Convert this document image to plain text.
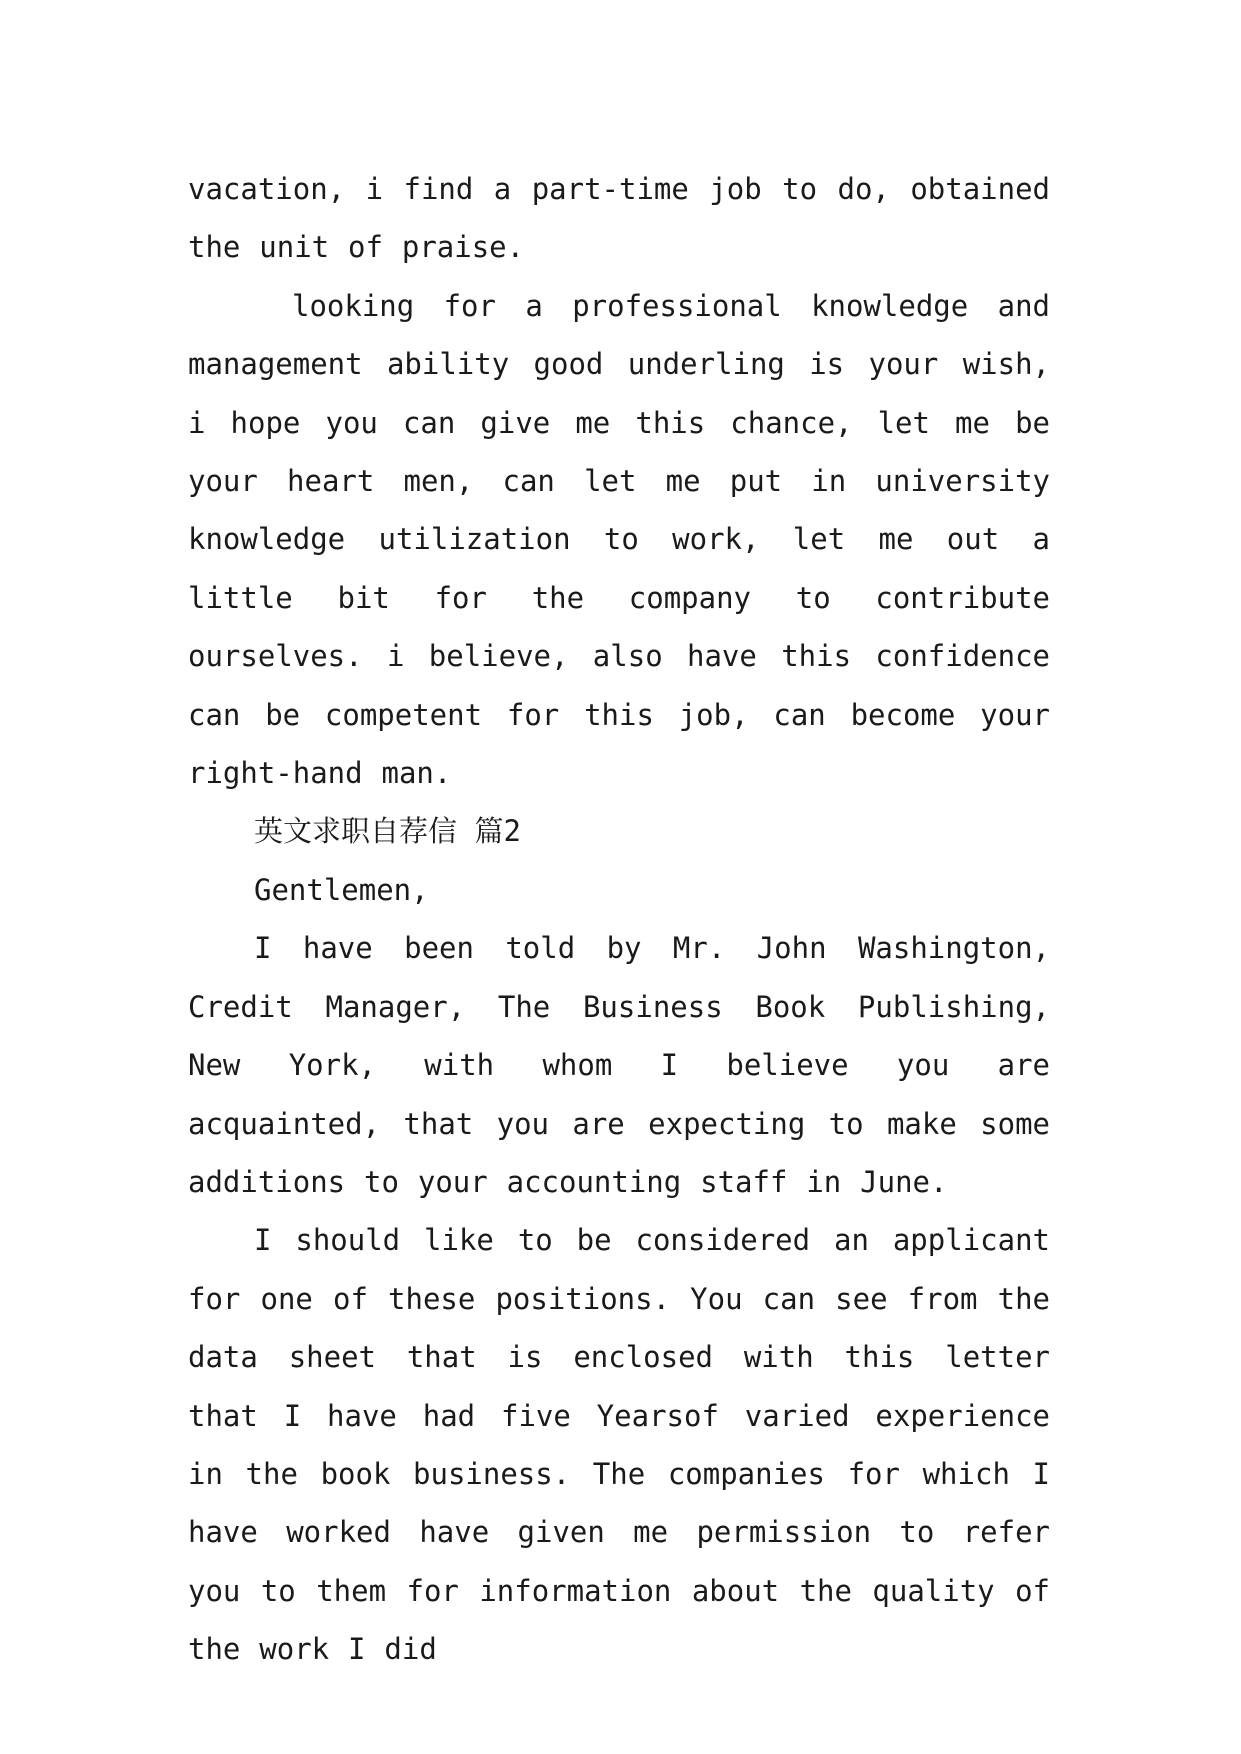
vacation, i find a part-time job to do, obtained the unit of praise.

looking for a professional knowledge and management ability good underling is your wish, i hope you can give me this chance, let me be your heart men, can let me put in university knowledge utilization to work, let me out a little bit for the company to contribute ourselves. i believe, also have this confidence can be competent for this job, can become your right-hand man.

英文求职自荐信 篇2

Gentlemen,

I have been told by Mr. John Washington, Credit Manager, The Business Book Publishing, New York, with whom I believe you are acquainted, that you are expecting to make some additions to your accounting staff in June.

I should like to be considered an applicant for one of these positions. You can see from the data sheet that is enclosed with this letter that I have had five Yearsof varied experience in the book business. The companies for which I have worked have given me permission to refer you to them for information about the quality of the work I did
